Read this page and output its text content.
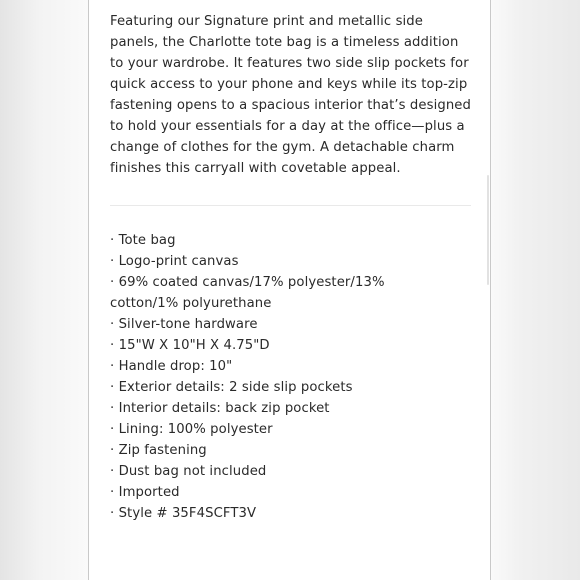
Featuring our Signature print and metallic side panels, the Charlotte tote bag is a timeless addition to your wardrobe. It features two side slip pockets for quick access to your phone and keys while its top-zip fastening opens to a spacious interior that’s designed to hold your essentials for a day at the office—plus a change of clothes for the gym. A detachable charm finishes this carryall with covetable appeal.

· Tote bag
· Logo-print canvas
· 69% coated canvas/17% polyester/13% cotton/1% polyurethane
· Silver-tone hardware
· 15"W X 10"H X 4.75"D
· Handle drop: 10"
· Exterior details: 2 side slip pockets
· Interior details: back zip pocket
· Lining: 100% polyester
· Zip fastening
· Dust bag not included
· Imported
· Style # 35F4SCFT3V
